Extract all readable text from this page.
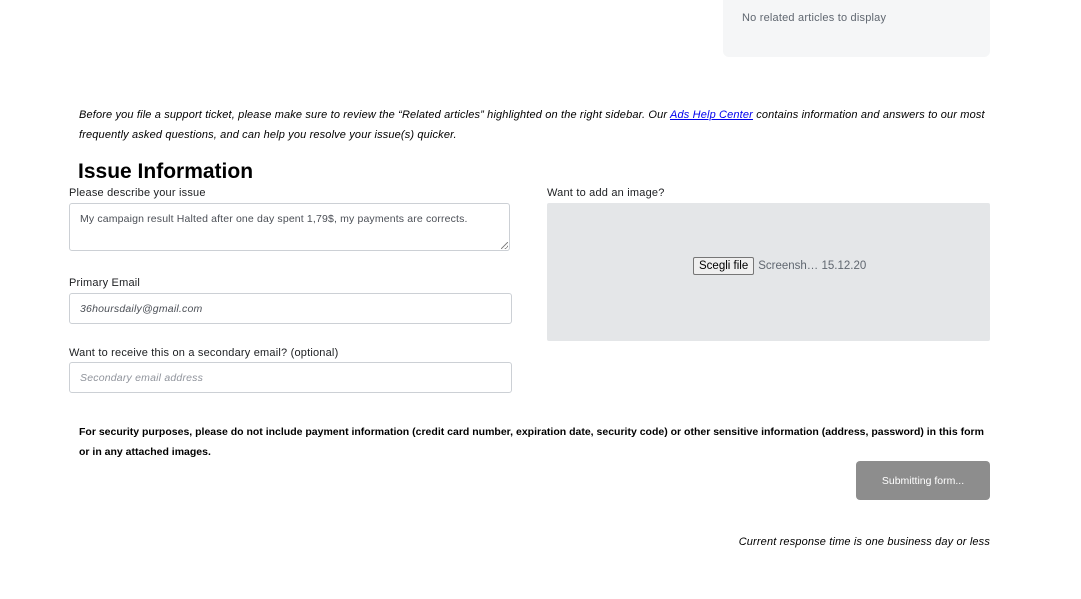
No related articles to display
Before you file a support ticket, please make sure to review the “Related articles” highlighted on the right sidebar. Our Ads Help Center contains information and answers to our most frequently asked questions, and can help you resolve your issue(s) quicker.
Issue Information
Please describe your issue
My campaign result Halted after one day spent 1,79$, my payments are corrects.
Primary Email
36hoursdaily@gmail.com
Want to receive this on a secondary email? (optional)
Secondary email address
Want to add an image?
Scegli file Screensh… 15.12.20
For security purposes, please do not include payment information (credit card number, expiration date, security code) or other sensitive information (address, password) in this form or in any attached images.
Submitting form...
Current response time is one business day or less
